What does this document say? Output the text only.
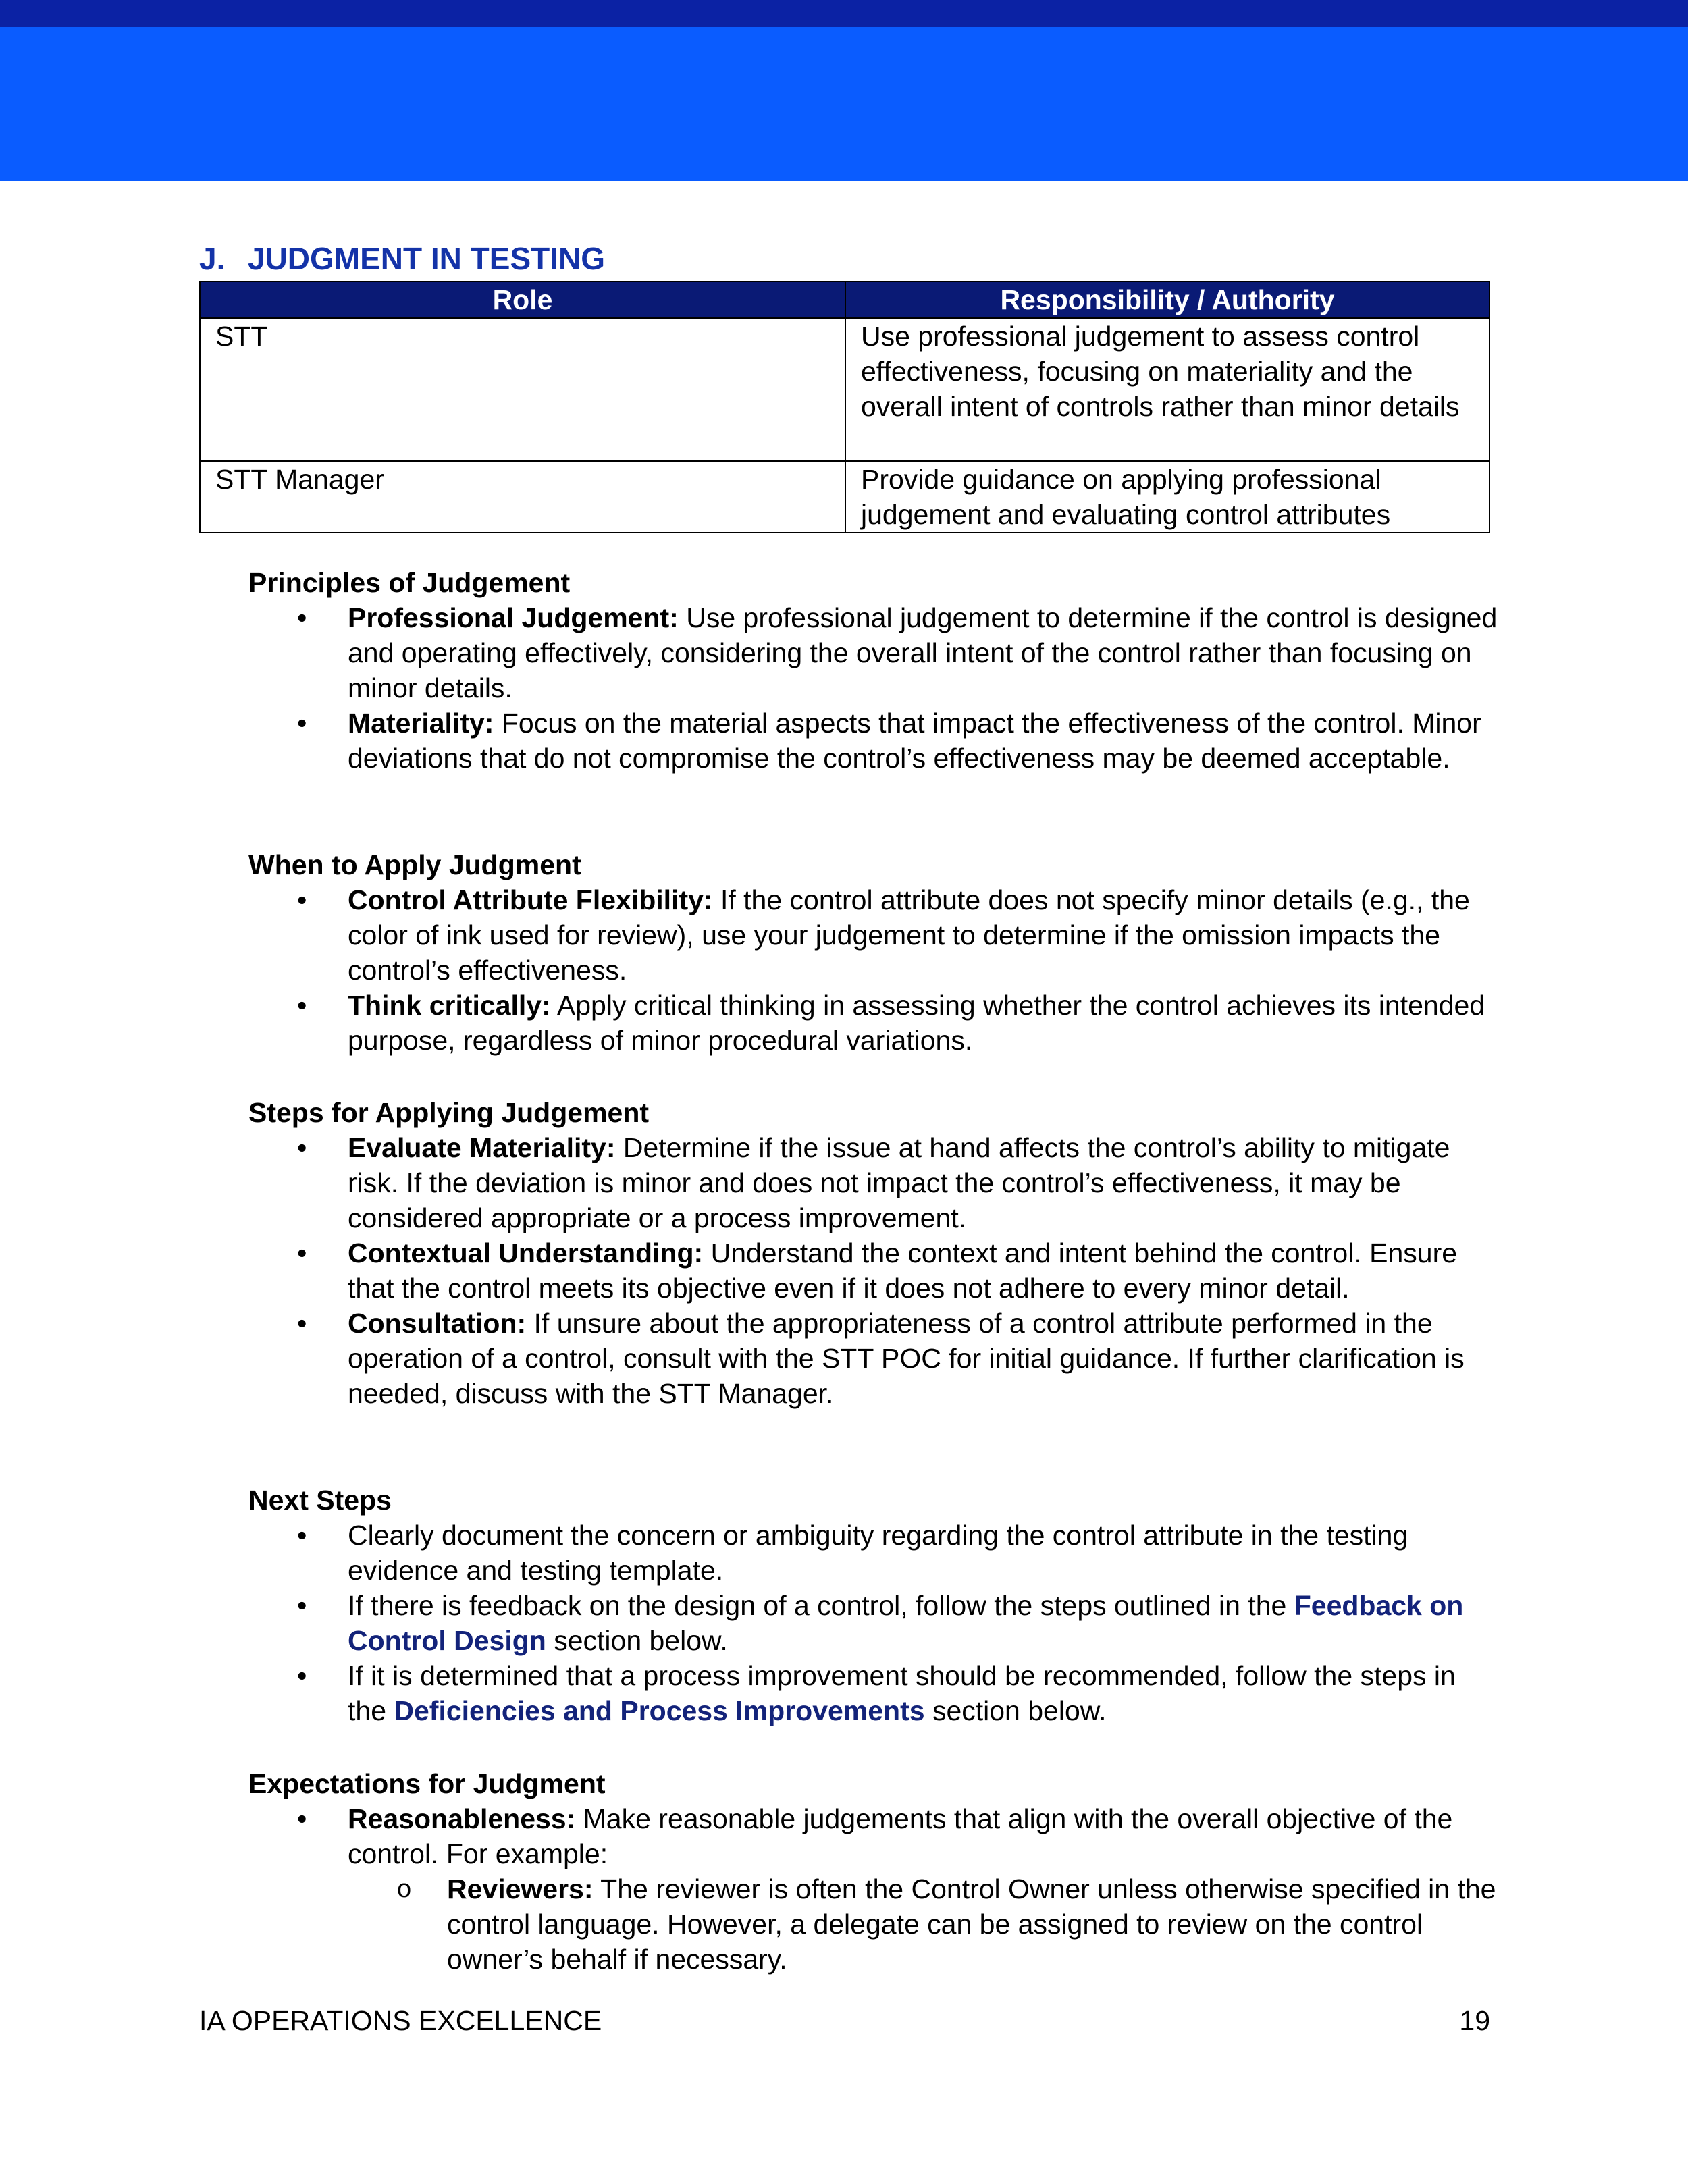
J. JUDGMENT IN TESTING
Role	Responsibility / Authority
STT	Use professional judgement to assess control effectiveness, focusing on materiality and the overall intent of controls rather than minor details
STT Manager	Provide guidance on applying professional judgement and evaluating control attributes

Principles of Judgement

•	Professional Judgement: Use professional judgement to determine if the control is designed and operating effectively, considering the overall intent of the control rather than focusing on minor details.
•	Materiality: Focus on the material aspects that impact the effectiveness of the control. Minor deviations that do not compromise the control’s effectiveness may be deemed acceptable.

When to Apply Judgment

•	Control Attribute Flexibility: If the control attribute does not specify minor details (e.g., the color of ink used for review), use your judgement to determine if the omission impacts the control’s effectiveness.
•	Think critically: Apply critical thinking in assessing whether the control achieves its intended purpose, regardless of minor procedural variations.

Steps for Applying Judgement

•	Evaluate Materiality: Determine if the issue at hand affects the control’s ability to mitigate risk. If the deviation is minor and does not impact the control’s effectiveness, it may be considered appropriate or a process improvement.
•	Contextual Understanding: Understand the context and intent behind the control. Ensure that the control meets its objective even if it does not adhere to every minor detail.
•	Consultation: If unsure about the appropriateness of a control attribute performed in the operation of a control, consult with the STT POC for initial guidance. If further clarification is needed, discuss with the STT Manager.

Next Steps

•	Clearly document the concern or ambiguity regarding the control attribute in the testing evidence and testing template.
•	If there is feedback on the design of a control, follow the steps outlined in the Feedback on Control Design section below.
•	If it is determined that a process improvement should be recommended, follow the steps in the Deficiencies and Process Improvements section below.

Expectations for Judgment

•	Reasonableness: Make reasonable judgements that align with the overall objective of the control. For example:
o Reviewers: The reviewer is often the Control Owner unless otherwise specified in the control language. However, a delegate can be assigned to review on the control owner’s behalf if necessary.
IA OPERATIONS EXCELLENCE	19
